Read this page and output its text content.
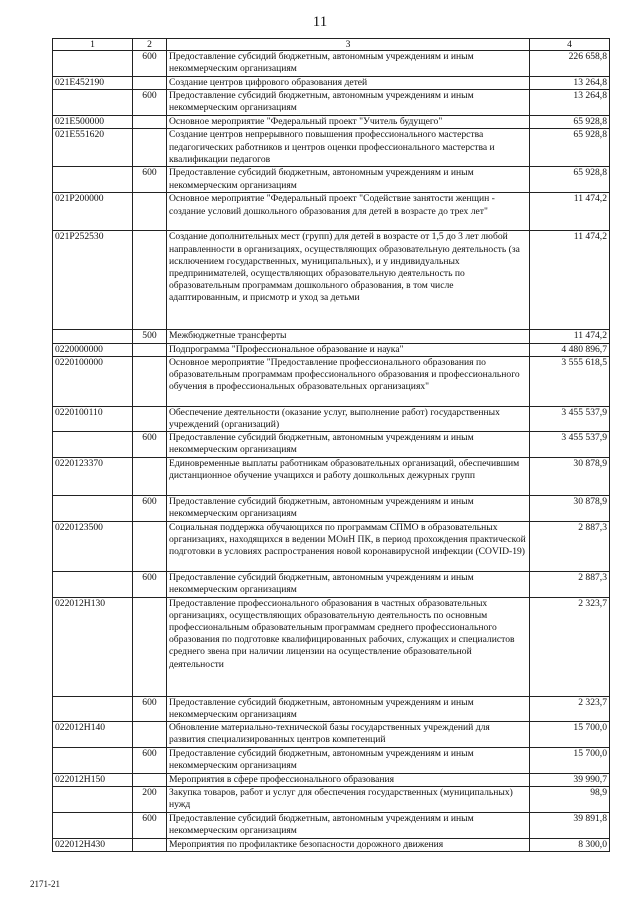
11
1	2	3	4
	600	Предоставление субсидий бюджетным, автономным учреждениям и иным некоммерческим организациям	226 658,8
021E452190		Создание центров цифрового образования детей	13 264,8
	600	Предоставление субсидий бюджетным, автономным учреждениям и иным некоммерческим организациям	13 264,8
021E500000		Основное мероприятие "Федеральный проект "Учитель будущего"	65 928,8
021E551620		Создание центров непрерывного повышения профессионального мастерства педагогических работников и центров оценки профессионального мастерства и квалификации педагогов	65 928,8
	600	Предоставление субсидий бюджетным, автономным учреждениям и иным некоммерческим организациям	65 928,8
021P200000		Основное мероприятие "Федеральный проект "Содействие занятости женщин - создание условий дошкольного образования для детей в возрасте до трех лет"	11 474,2
021P252530		Создание дополнительных мест (групп) для детей в возрасте от 1,5 до 3 лет любой направленности в организациях, осуществляющих образовательную деятельность (за исключением государственных, муниципальных), и у индивидуальных предпринимателей, осуществляющих образовательную деятельность по образовательным программам дошкольного образования, в том числе адаптированным, и присмотр и уход за детьми	11 474,2
	500	Межбюджетные трансферты	11 474,2
0220000000		Подпрограмма "Профессиональное образование и наука"	4 480 896,7
0220100000		Основное мероприятие "Предоставление профессионального образования по образовательным программам профессионального образования и профессионального обучения в профессиональных образовательных организациях"	3 555 618,5
0220100110		Обеспечение деятельности (оказание услуг, выполнение работ) государственных учреждений (организаций)	3 455 537,9
	600	Предоставление субсидий бюджетным, автономным учреждениям и иным некоммерческим организациям	3 455 537,9
0220123370		Единовременные выплаты работникам образовательных организаций, обеспечившим дистанционное обучение учащихся и работу дошкольных дежурных групп	30 878,9
	600	Предоставление субсидий бюджетным, автономным учреждениям и иным некоммерческим организациям	30 878,9
0220123500		Социальная поддержка обучающихся по программам СПМО в образовательных организациях, находящихся в ведении МОиН ПК, в период прохождения практической подготовки в условиях распространения новой коронавирусной инфекции (COVID-19)	2 887,3
	600	Предоставление субсидий бюджетным, автономным учреждениям и иным некоммерческим организациям	2 887,3
022012Н130		Предоставление профессионального образования в частных образовательных организациях, осуществляющих образовательную деятельность по основным профессиональным образовательным программам среднего профессионального образования по подготовке квалифицированных рабочих, служащих и специалистов среднего звена при наличии лицензии на осуществление образовательной деятельности	2 323,7
	600	Предоставление субсидий бюджетным, автономным учреждениям и иным некоммерческим организациям	2 323,7
022012Н140		Обновление материально-технической базы государственных учреждений для развития специализированных центров компетенций	15 700,0
	600	Предоставление субсидий бюджетным, автономным учреждениям и иным некоммерческим организациям	15 700,0
022012Н150		Мероприятия в сфере профессионального образования	39 990,7
	200	Закупка товаров, работ и услуг для обеспечения государственных (муниципальных) нужд	98,9
	600	Предоставление субсидий бюджетным, автономным учреждениям и иным некоммерческим организациям	39 891,8
022012Н430		Мероприятия по профилактике безопасности дорожного движения	8 300,0
2171-21
